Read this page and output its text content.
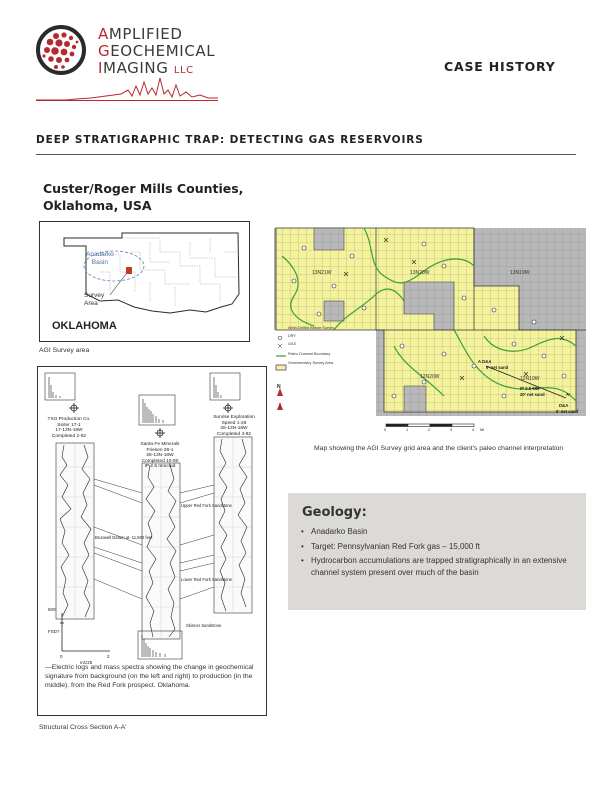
AMPLIFIED
GEOCHEMICAL
IMAGING LLC	CASE HISTORY
DEEP STRATIGRAPHIC TRAP: DETECTING GAS RESERVOIRS
Custer/Roger Mills Counties,
Oklahoma, USA
Anadarko
Basin
Survey
Area
OKLAHOMA
AGI Survey area
TXO Production Co.
Sinter 17-1
17-13N-19W
Completed 2-82
Santa Fe Minerals
Friesen 28-1
28-13N-18W
Completed 10-80
IP 2.5 mmcfpd
Sunrise Exploration
Speed 1-26
26-13N-18W
Completed 4-82
Upper Red Fork Sandstone
Brunwell Datum at -11,800 feet
Lower Red Fork Sandstone
Skinner Sandstone
500
FSD?
0	2
m/z25
—Electric logs and mass spectra showing the change in geochemical signature from background (on the left and right) to production (in the middle). from the Red Fork prospect. Oklahoma.
Structural Cross Section A-A'
13N21W	13N20W	13N19W
12N20W	12N19W
Wells Drilled Before Survey
DRY
GAS
Paleo Channel Boundary
Geochemistry Survey Area	A D&A
9' net sand
IP 2.5 MM
20' net sand	A'
D&A
6' net sand
N
0	1	2	3	4 MI
Map showing the AGI Survey grid area and the client's paleo channel interpretation
Geology:
• Anadarko Basin
• Target: Pennsylvanian Red Fork gas – 15,000 ft
• Hydrocarbon accumulations are trapped stratigraphically in an extensive channel system present over much of the basin
